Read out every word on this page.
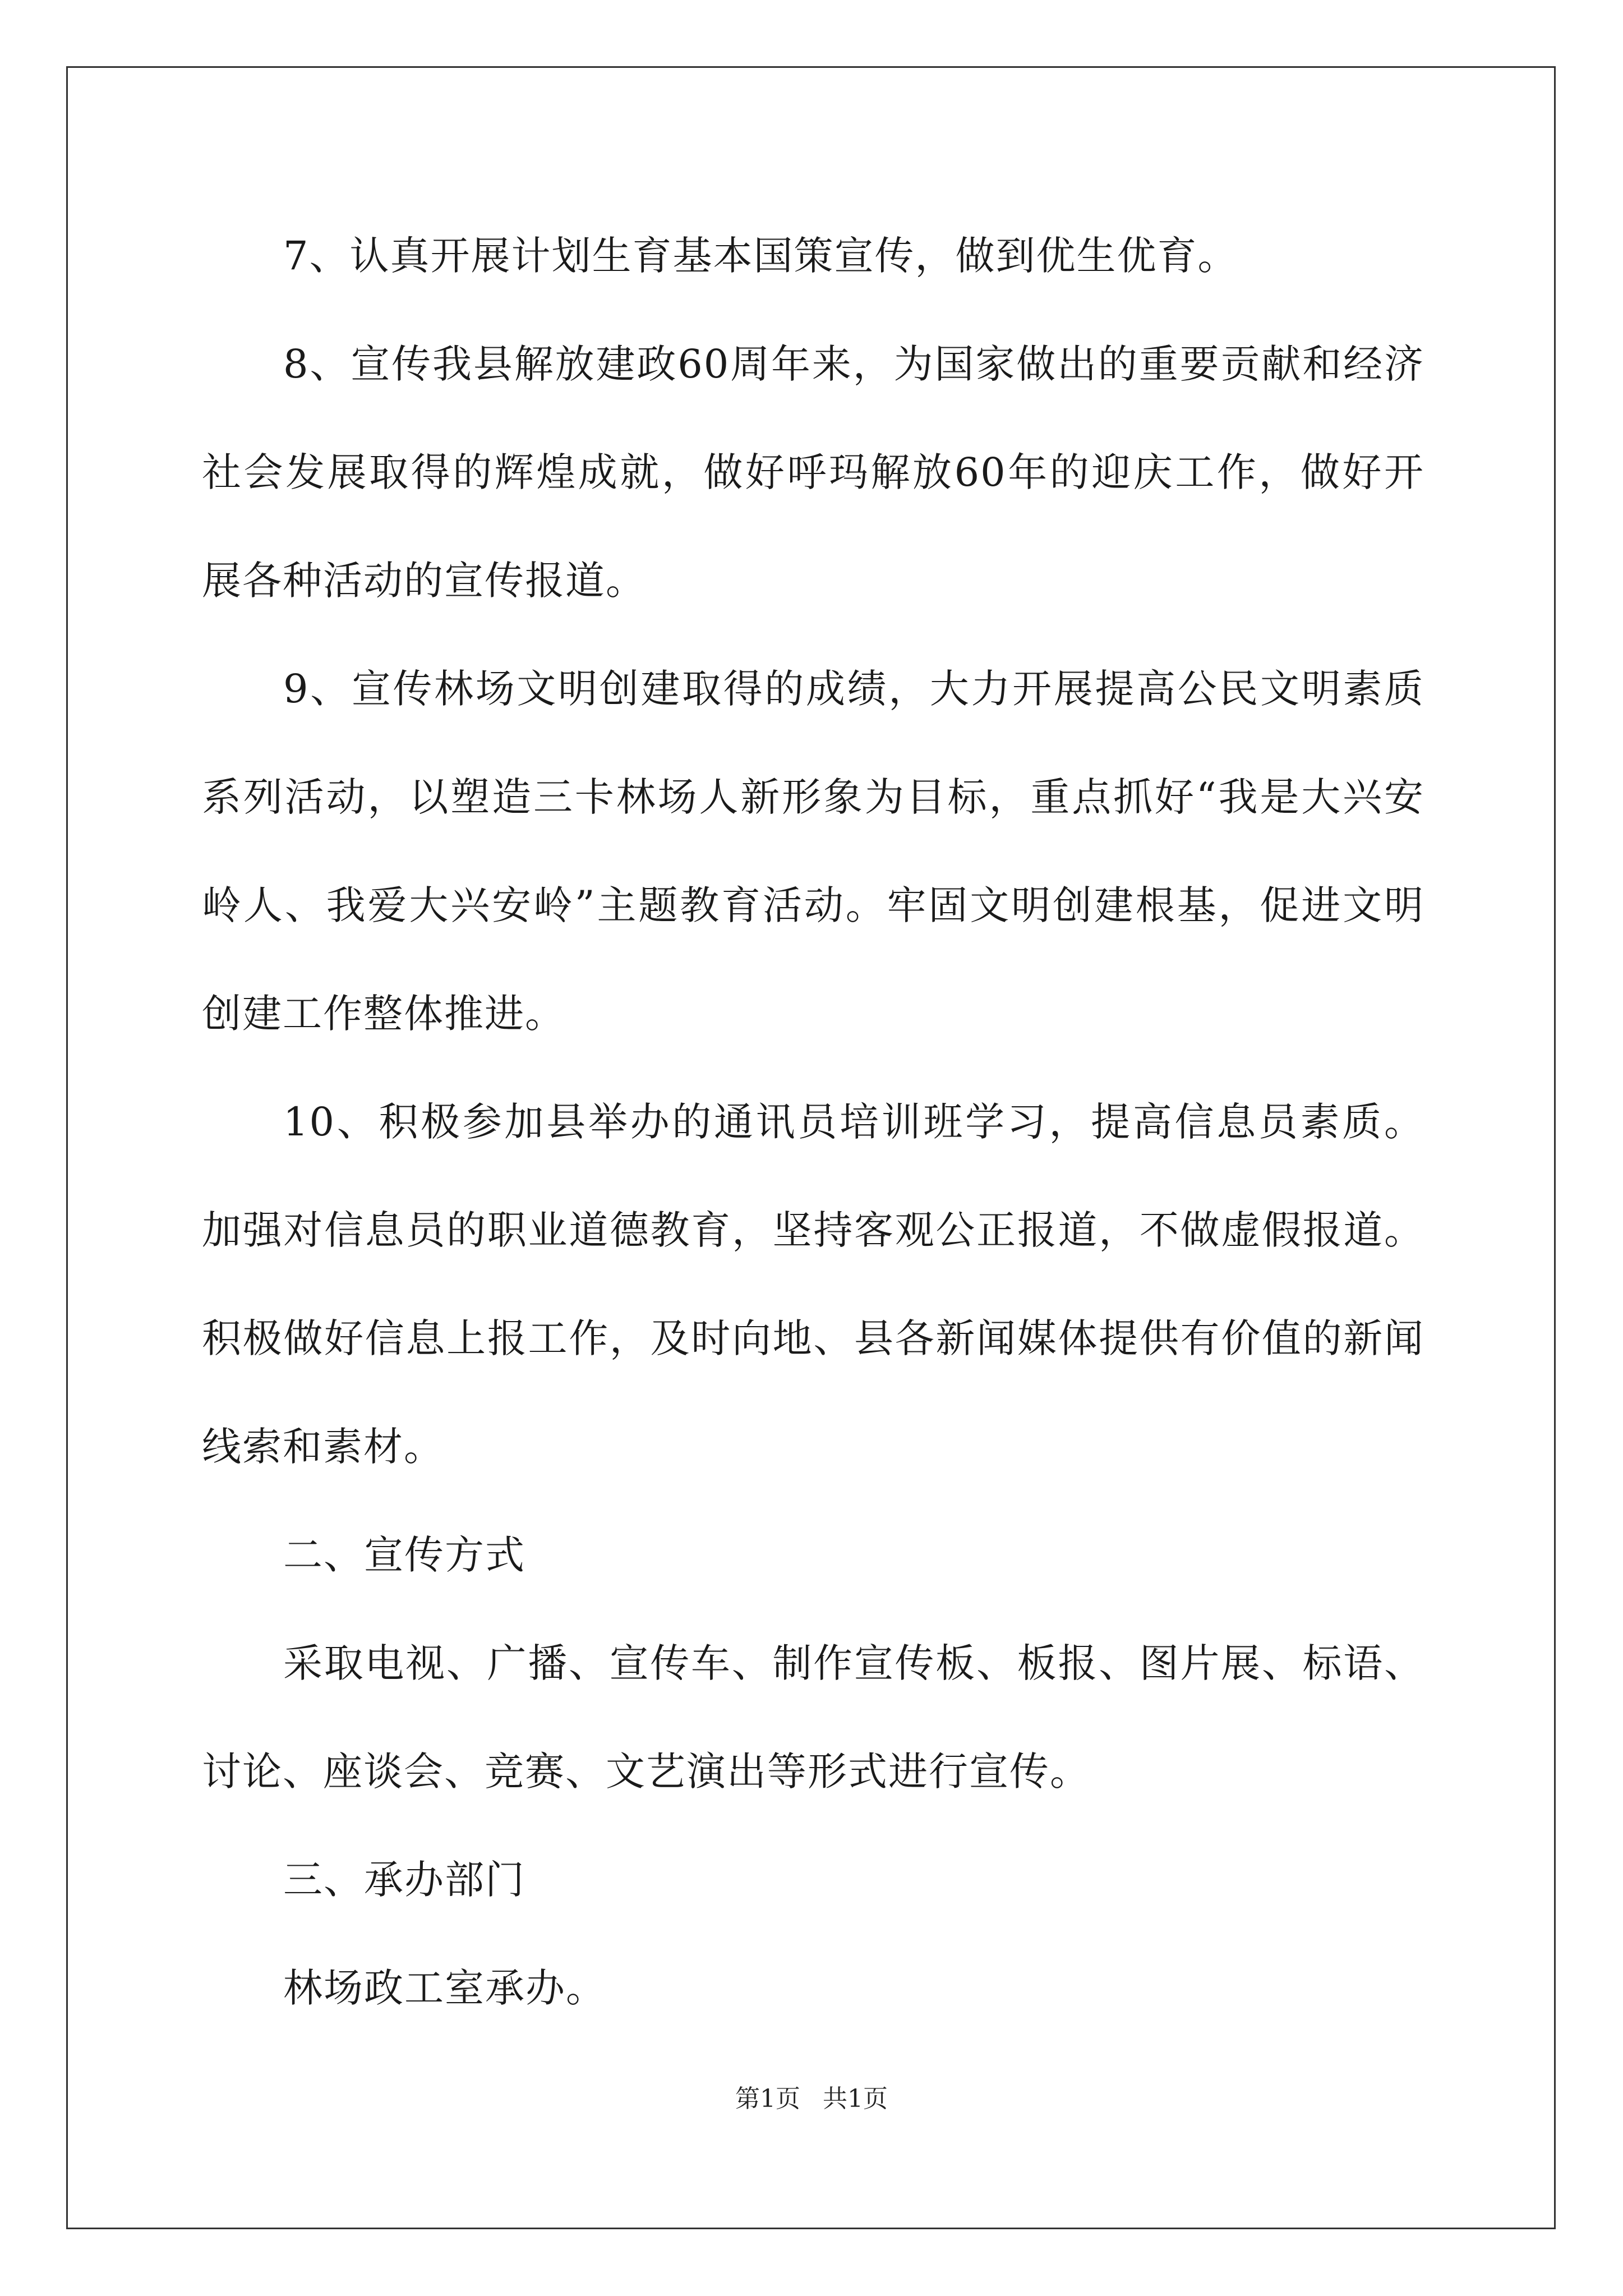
7、认真开展计划生育基本国策宣传，做到优生优育。

8、宣传我县解放建政60周年来，为国家做出的重要贡献和经济社会发展取得的辉煌成就，做好呼玛解放60年的迎庆工作，做好开展各种活动的宣传报道。

9、宣传林场文明创建取得的成绩，大力开展提高公民文明素质系列活动，以塑造三卡林场人新形象为目标，重点抓好“我是大兴安岭人、我爱大兴安岭”主题教育活动。牢固文明创建根基，促进文明创建工作整体推进。

10、积极参加县举办的通讯员培训班学习，提高信息员素质。加强对信息员的职业道德教育，坚持客观公正报道，不做虚假报道。积极做好信息上报工作，及时向地、县各新闻媒体提供有价值的新闻线索和素材。

二、宣传方式

采取电视、广播、宣传车、制作宣传板、板报、图片展、标语、讨论、座谈会、竞赛、文艺演出等形式进行宣传。

三、承办部门

林场政工室承办。

第1页 共1页
